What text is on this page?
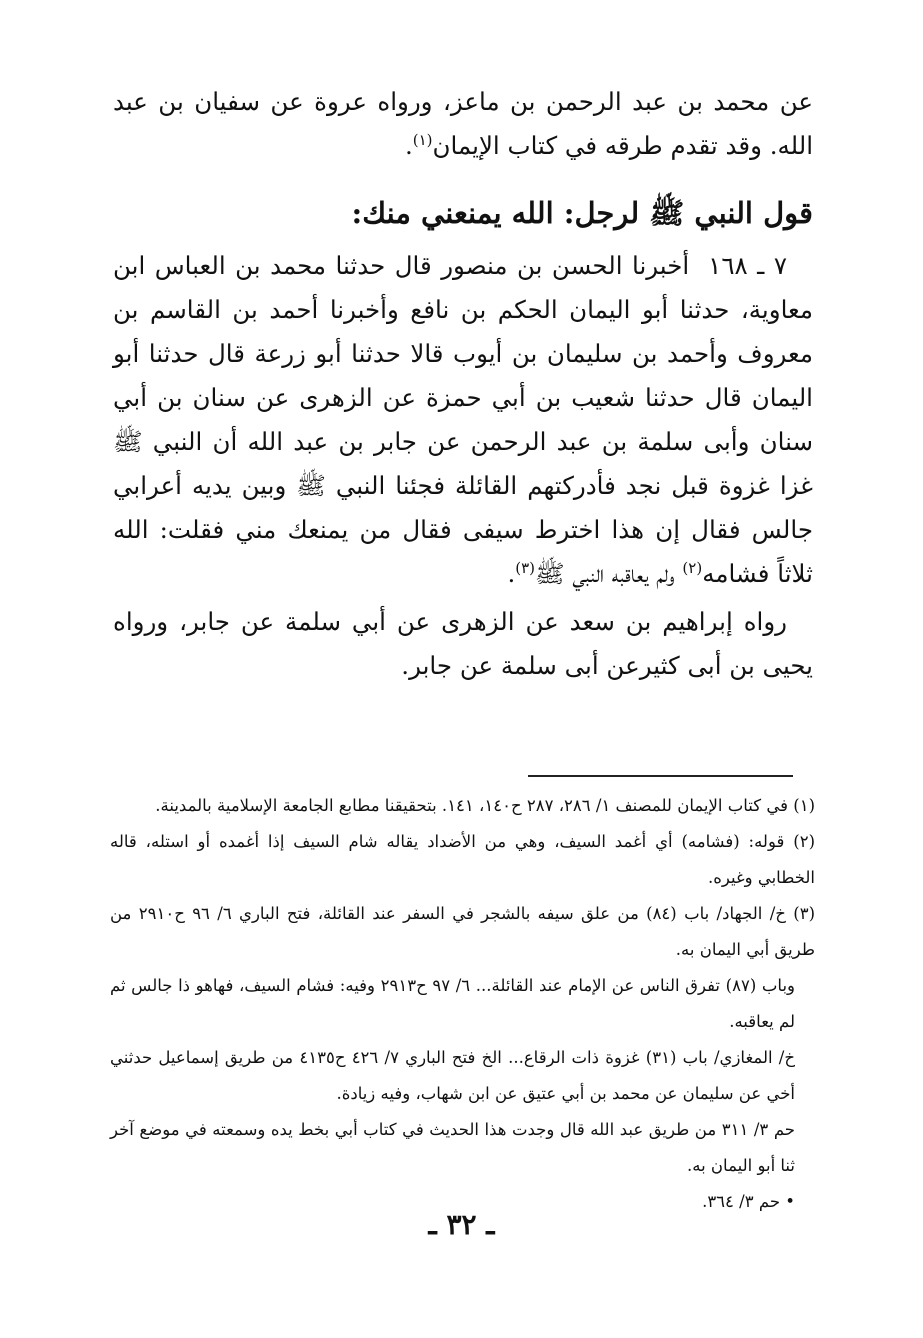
عن محمد بن عبد الرحمن بن ماعز، ورواه عروة عن سفيان بن عبد الله. وقد تقدم طرقه في كتاب الإيمان$^{(١)}$.

قول النبي ﷺ لرجل: الله يمنعني منك:

٧ ـ ١٦٨  أخبرنا الحسن بن منصور قال حدثنا محمد بن العباس ابن معاوية، حدثنا أبو اليمان الحكم بن نافع وأخبرنا أحمد بن القاسم بن معروف وأحمد بن سليمان بن أيوب قالا حدثنا أبو زرعة قال حدثنا أبو اليمان قال حدثنا شعيب بن أبي حمزة عن الزهرى عن سنان بن أبي سنان وأبى سلمة بن عبد الرحمن عن جابر بن عبد الله أن النبي ﷺ غزا غزوة قبل نجد فأدركتهم القائلة فجئنا النبي ﷺ وبين يديه أعرابي جالس فقال إن هذا اخترط سيفى فقال من يمنعك مني فقلت: الله ثلاثاً فشامه$^{(٢)}$ ولم يعاقبه النبي ﷺ$^{(٣)}$.

رواه إبراهيم بن سعد عن الزهرى عن أبي سلمة عن جابر، ورواه يحيى بن أبى كثيرعن أبى سلمة عن جابر.

(١) في كتاب الإيمان للمصنف ١/ ٢٨٦، ٢٨٧ ح١٤٠، ١٤١. بتحقيقنا مطابع الجامعة الإسلامية بالمدينة.

(٢) قوله: (فشامه) أي أغمد السيف، وهي من الأضداد يقاله شام السيف إذا أغمده أو استله، قاله الخطابي وغيره.

(٣) خ/ الجهاد/ باب (٨٤) من علق سيفه بالشجر في السفر عند القائلة، فتح الباري ٦/ ٩٦ ح٢٩١٠ من طريق أبي اليمان به.

وباب (٨٧) تفرق الناس عن الإمام عند القائلة... ٦/ ٩٧ ح٢٩١٣ وفيه: فشام السيف، فهاهو ذا جالس ثم لم يعاقبه.

خ/ المغازي/ باب (٣١) غزوة ذات الرقاع... الخ فتح الباري ٧/ ٤٢٦ ح٤١٣٥ من طريق إسماعيل حدثني أخي عن سليمان عن محمد بن أبي عتيق عن ابن شهاب، وفيه زيادة.

حم ٣/ ٣١١ من طريق عبد الله قال وجدت هذا الحديث في كتاب أبي بخط يده وسمعته في موضع آخر ثنا أبو اليمان به.

• حم ٣/ ٣٦٤.

ـ ٣٢ ـ
